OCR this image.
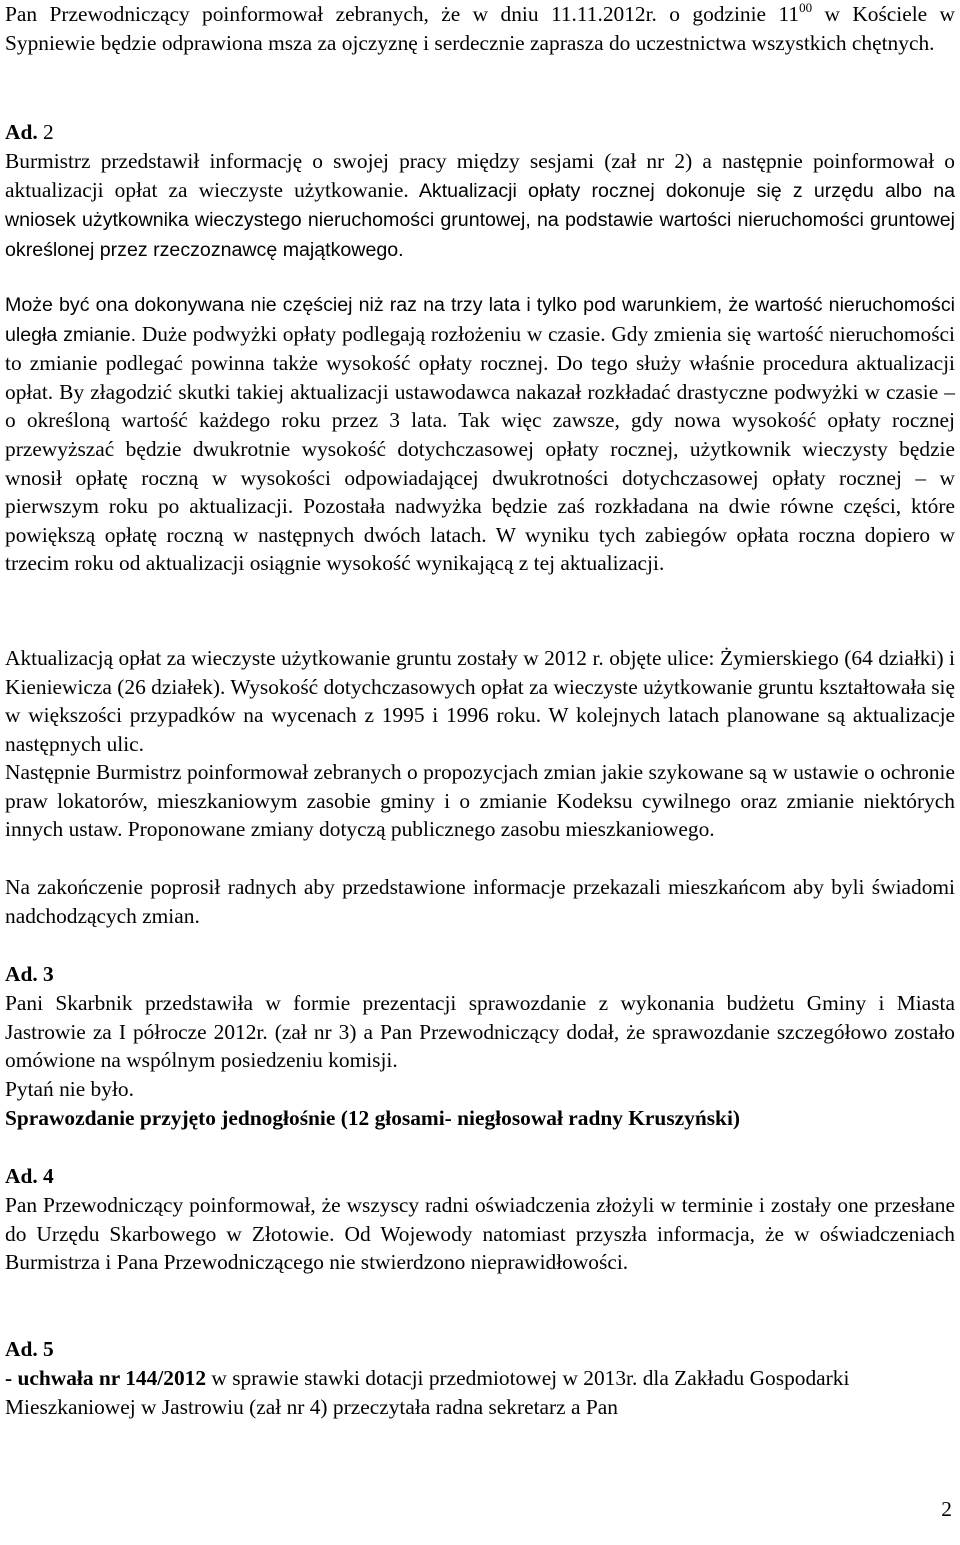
Pan Przewodniczący poinformował zebranych, że w dniu 11.11.2012r. o godzinie $11^{00}$ w Kościele w Sypniewie będzie odprawiona msza za ojczyznę i serdecznie zaprasza do uczestnictwa wszystkich chętnych.

Ad. 2

Burmistrz przedstawił informację o swojej pracy między sesjami (zał nr 2) a następnie poinformował o aktualizacji opłat za wieczyste użytkowanie. Aktualizacji opłaty rocznej dokonuje się z urzędu albo na wniosek użytkownika wieczystego nieruchomości gruntowej, na podstawie wartości nieruchomości gruntowej określonej przez rzeczoznawcę majątkowego.

Może być ona dokonywana nie częściej niż raz na trzy lata i tylko pod warunkiem, że wartość nieruchomości uległa zmianie. Duże podwyżki opłaty podlegają rozłożeniu w czasie. Gdy zmienia się wartość nieruchomości to zmianie podlegać powinna także wysokość opłaty rocznej. Do tego służy właśnie procedura aktualizacji opłat. By złagodzić skutki takiej aktualizacji ustawodawca nakazał rozkładać drastyczne podwyżki w czasie – o określoną wartość każdego roku przez 3 lata. Tak więc zawsze, gdy nowa wysokość opłaty rocznej przewyższać będzie dwukrotnie wysokość dotychczasowej opłaty rocznej, użytkownik wieczysty będzie wnosił opłatę roczną w wysokości odpowiadającej dwukrotności dotychczasowej opłaty rocznej – w pierwszym roku po aktualizacji. Pozostała nadwyżka będzie zaś rozkładana na dwie równe części, które powiększą opłatę roczną w następnych dwóch latach. W wyniku tych zabiegów opłata roczna dopiero w trzecim roku od aktualizacji osiągnie wysokość wynikającą z tej aktualizacji.

Aktualizacją opłat za wieczyste użytkowanie gruntu zostały w 2012 r. objęte ulice: Żymierskiego (64 działki) i Kieniewicza (26 działek). Wysokość dotychczasowych opłat za wieczyste użytkowanie gruntu kształtowała się w większości przypadków na wycenach z 1995 i 1996 roku. W kolejnych latach planowane są aktualizacje następnych ulic.

Następnie Burmistrz poinformował zebranych o propozycjach zmian jakie szykowane są w ustawie o ochronie praw lokatorów, mieszkaniowym zasobie gminy i o zmianie Kodeksu cywilnego oraz zmianie niektórych innych ustaw. Proponowane zmiany dotyczą publicznego zasobu mieszkaniowego.

Na zakończenie poprosił radnych aby przedstawione informacje przekazali mieszkańcom aby byli świadomi nadchodzących zmian.

Ad. 3

Pani Skarbnik przedstawiła w formie prezentacji sprawozdanie z wykonania budżetu Gminy i Miasta Jastrowie za I półrocze 2012r. (zał nr 3) a Pan Przewodniczący dodał, że sprawozdanie szczegółowo zostało omówione na wspólnym posiedzeniu komisji.

Pytań nie było.

Sprawozdanie przyjęto jednogłośnie (12 głosami- niegłosował radny Kruszyński)

Ad. 4

Pan Przewodniczący poinformował, że wszyscy radni oświadczenia złożyli w terminie i zostały one przesłane do Urzędu Skarbowego w Złotowie. Od Wojewody natomiast przyszła informacja, że w oświadczeniach Burmistrza i Pana Przewodniczącego nie stwierdzono nieprawidłowości.

Ad. 5

- uchwała nr 144/2012 w sprawie stawki dotacji przedmiotowej w 2013r. dla Zakładu Gospodarki Mieszkaniowej w Jastrowiu (zał nr 4) przeczytała radna sekretarz a Pan

2
